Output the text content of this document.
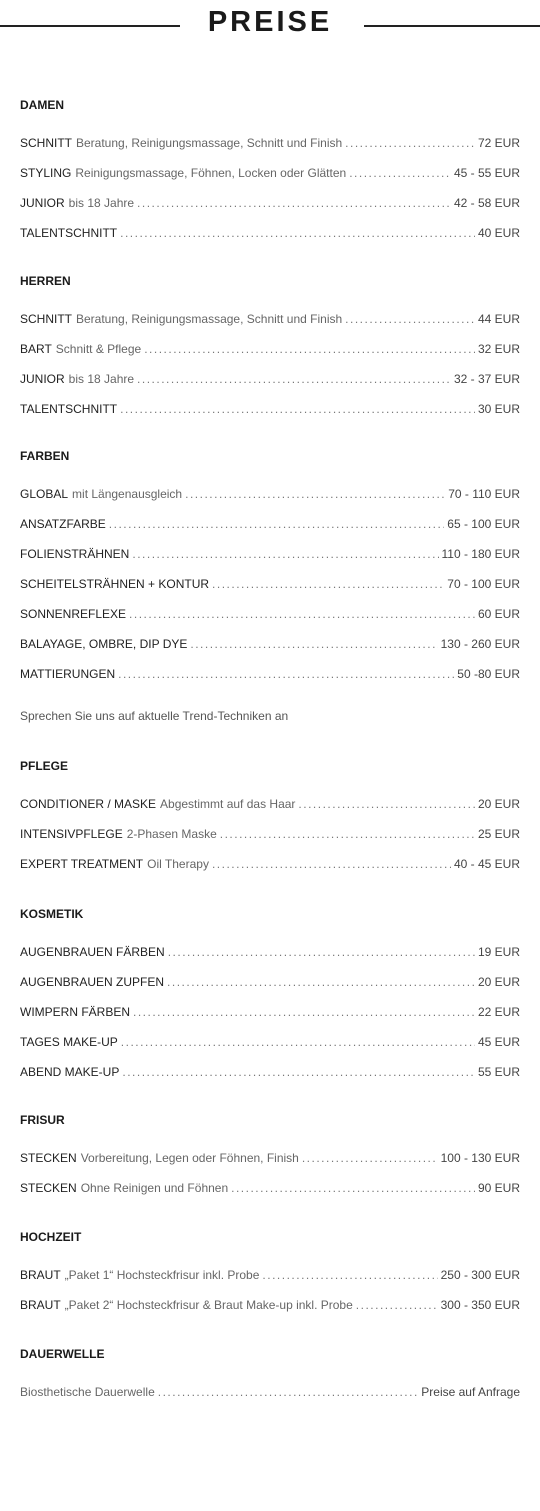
PREISE
DAMEN
SCHNITT Beratung, Reinigungsmassage, Schnitt und Finish .....	72 EUR
STYLING Reinigungsmassage, Föhnen, Locken oder Glätten .....	45 - 55 EUR
JUNIOR bis 18 Jahre .....	42 - 58 EUR
TALENTSCHNITT .....	40 EUR
HERREN
SCHNITT Beratung, Reinigungsmassage, Schnitt und Finish .....	44 EUR
BART Schnitt & Pflege .....	32 EUR
JUNIOR bis 18 Jahre .....	32 - 37 EUR
TALENTSCHNITT .....	30 EUR
FARBEN
GLOBAL mit Längenausgleich .....	70 - 110 EUR
ANSATZFARBE .....	65 - 100 EUR
FOLIENSTRÄHNEN .....	110 - 180 EUR
SCHEITELSTRÄHNEN + KONTUR .....	70 - 100 EUR
SONNENREFLEXE .....	60 EUR
BALAYAGE, OMBRE, DIP DYE .....	130 - 260 EUR
MATTIERUNGEN .....	50 -80 EUR
Sprechen Sie uns auf aktuelle Trend-Techniken an
PFLEGE
CONDITIONER / MASKE Abgestimmt auf das Haar .....	20 EUR
INTENSIVPFLEGE 2-Phasen Maske .....	25 EUR
EXPERT TREATMENT Oil Therapy .....	40 - 45 EUR
KOSMETIK
AUGENBRAUEN FÄRBEN .....	19 EUR
AUGENBRAUEN ZUPFEN .....	20 EUR
WIMPERN FÄRBEN .....	22 EUR
TAGES MAKE-UP .....	45 EUR
ABEND MAKE-UP .....	55 EUR
FRISUR
STECKEN Vorbereitung, Legen oder Föhnen, Finish .....	100 - 130 EUR
STECKEN Ohne Reinigen und Föhnen .....	90 EUR
HOCHZEIT
BRAUT „Paket 1“ Hochsteckfrisur inkl. Probe .....	250 - 300 EUR
BRAUT „Paket 2“ Hochsteckfrisur & Braut Make-up inkl. Probe .....	300 - 350 EUR
DAUERWELLE
Biosthetische Dauerwelle .....	Preise auf Anfrage
